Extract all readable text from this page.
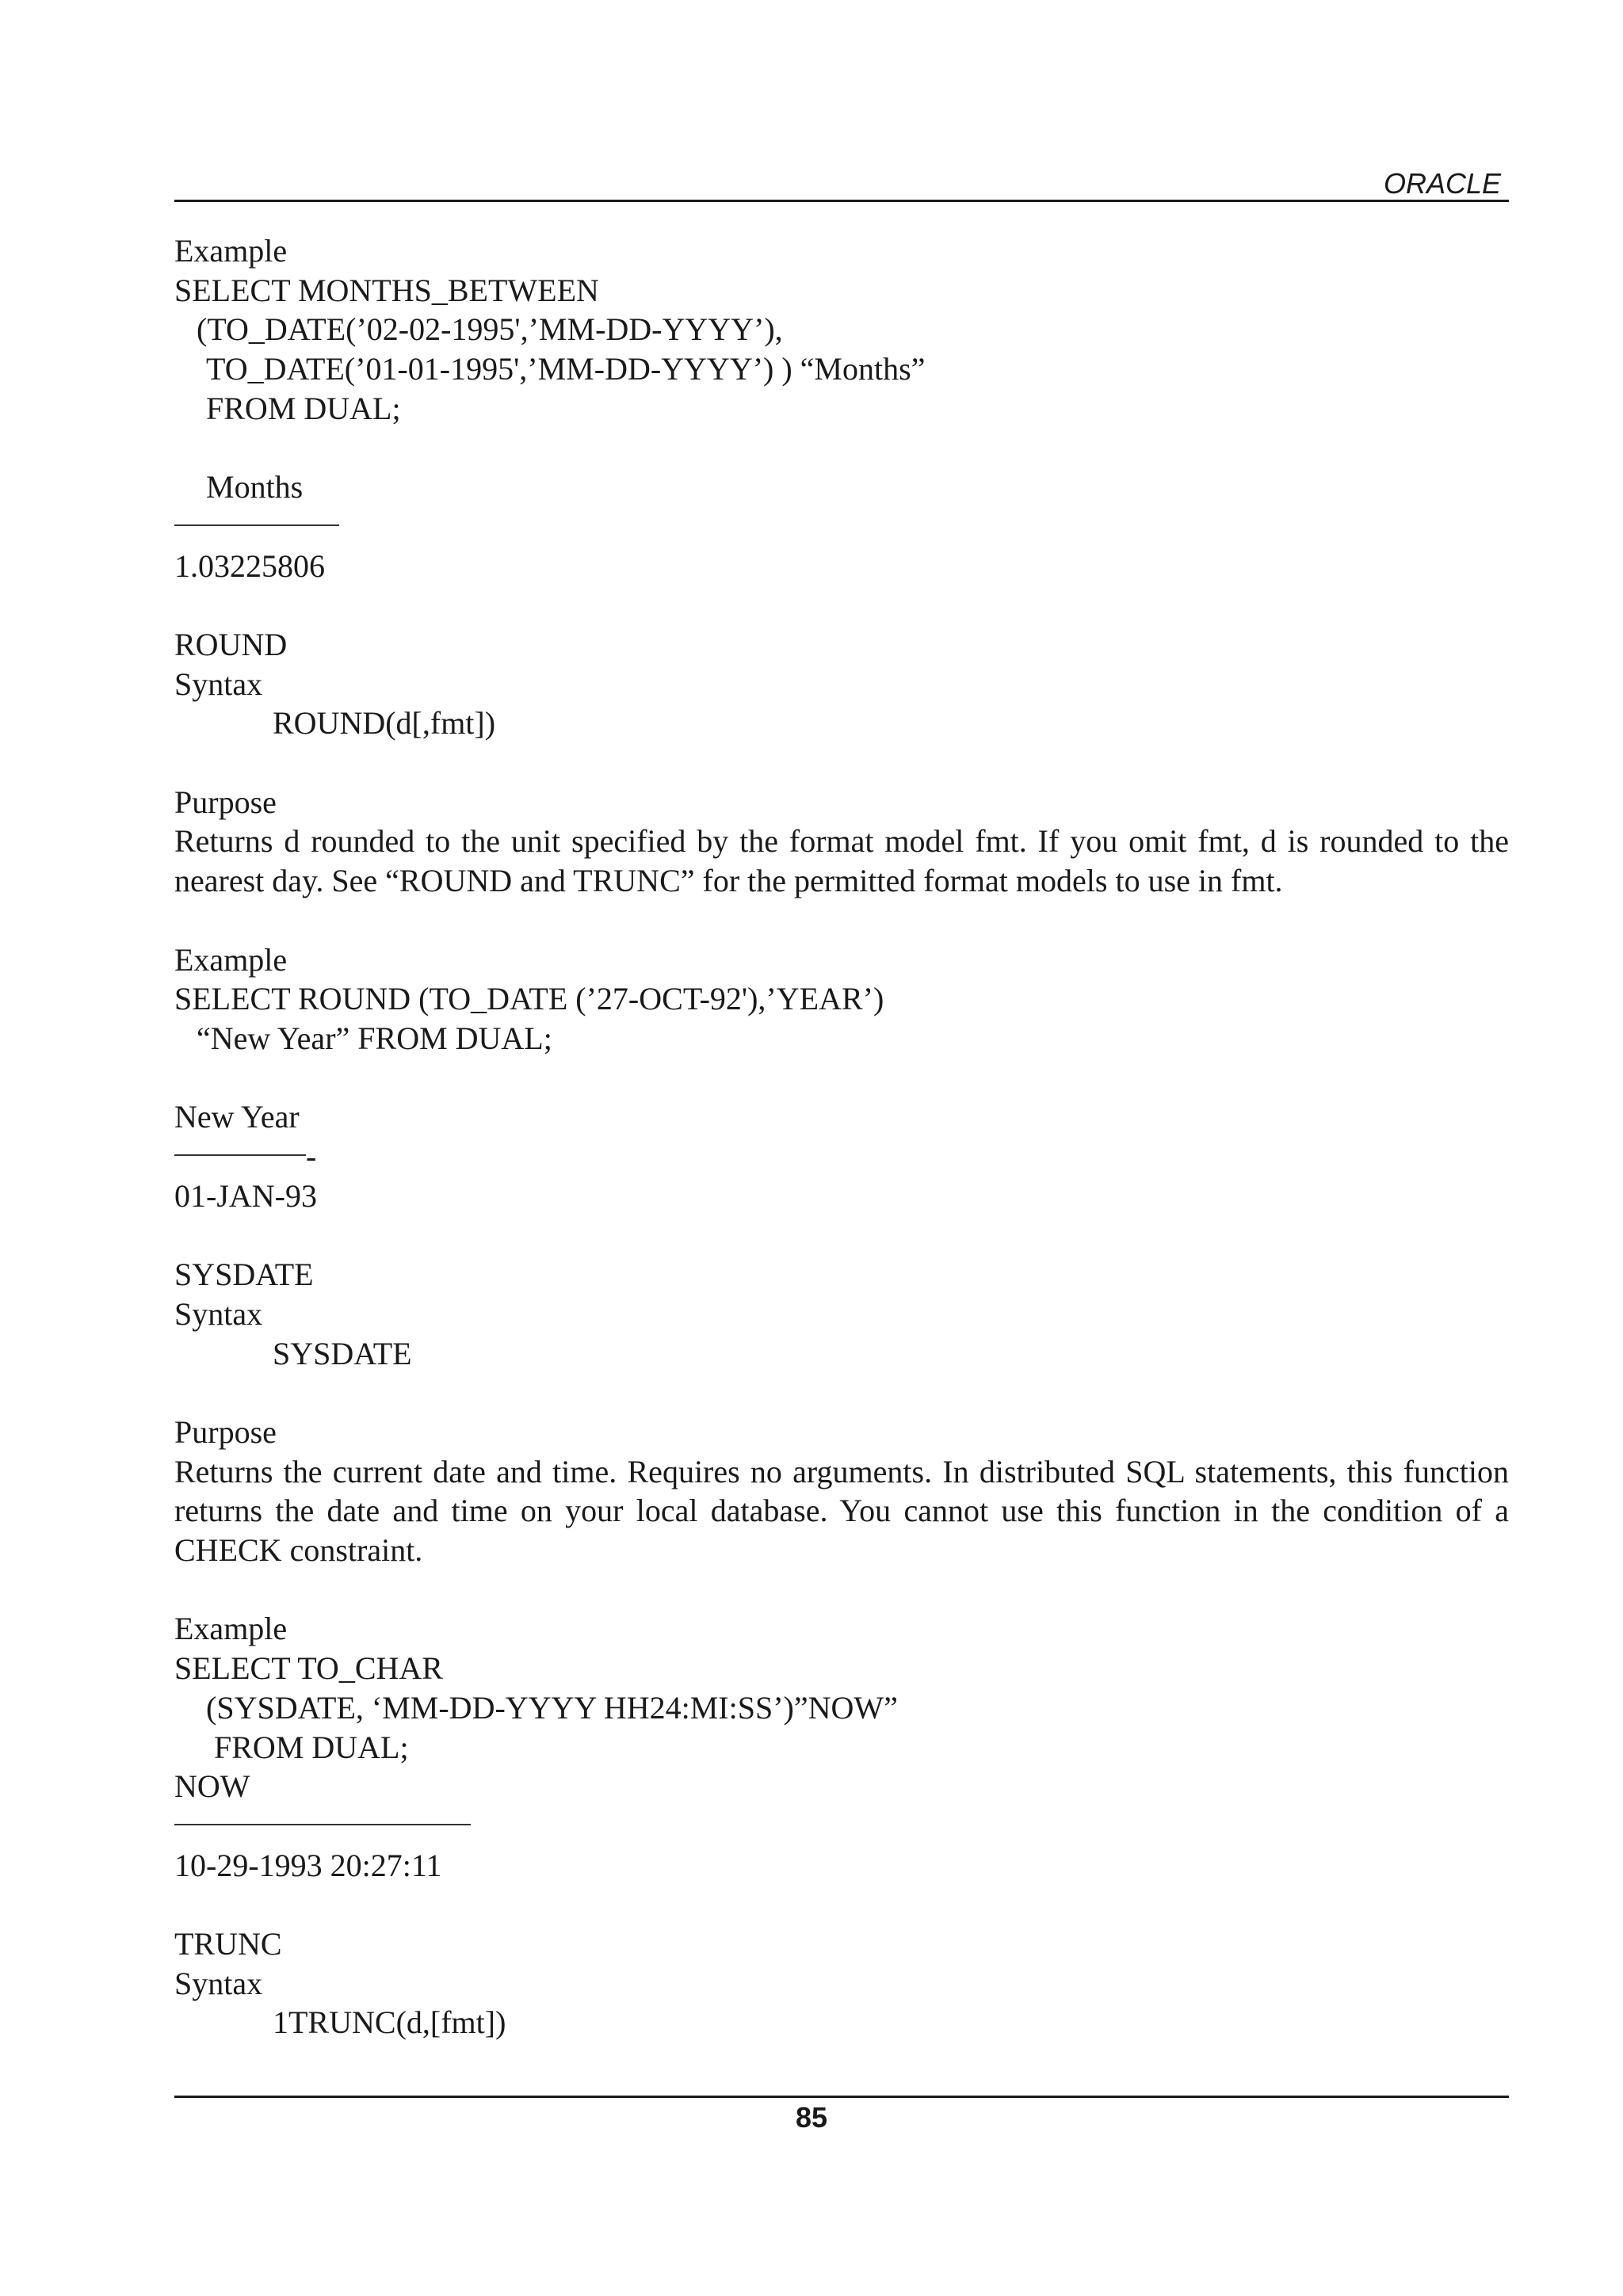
ORACLE
Example
SELECT MONTHS_BETWEEN
(TO_DATE(’02-02-1995',’MM-DD-YYYY’),
TO_DATE(’01-01-1995',’MM-DD-YYYY’) ) “Months”
FROM DUAL;
Months
1.03225806
ROUND
Syntax
ROUND(d[,fmt])
Purpose
Returns d rounded to the unit specified by the format model fmt. If you omit fmt, d is rounded to the nearest day. See “ROUND and TRUNC” for the permitted format models to use in fmt.
Example
SELECT ROUND (TO_DATE (’27-OCT-92'),’YEAR’)
“New Year” FROM DUAL;
New Year
-
01-JAN-93
SYSDATE
Syntax
SYSDATE
Purpose
Returns the current date and time. Requires no arguments. In distributed SQL statements, this function returns the date and time on your local database. You cannot use this function in the condition of a CHECK constraint.
Example
SELECT TO_CHAR
(SYSDATE, ‘MM-DD-YYYY HH24:MI:SS’)”NOW”
FROM DUAL;
NOW
10-29-1993 20:27:11
TRUNC
Syntax
1TRUNC(d,[fmt])
85
